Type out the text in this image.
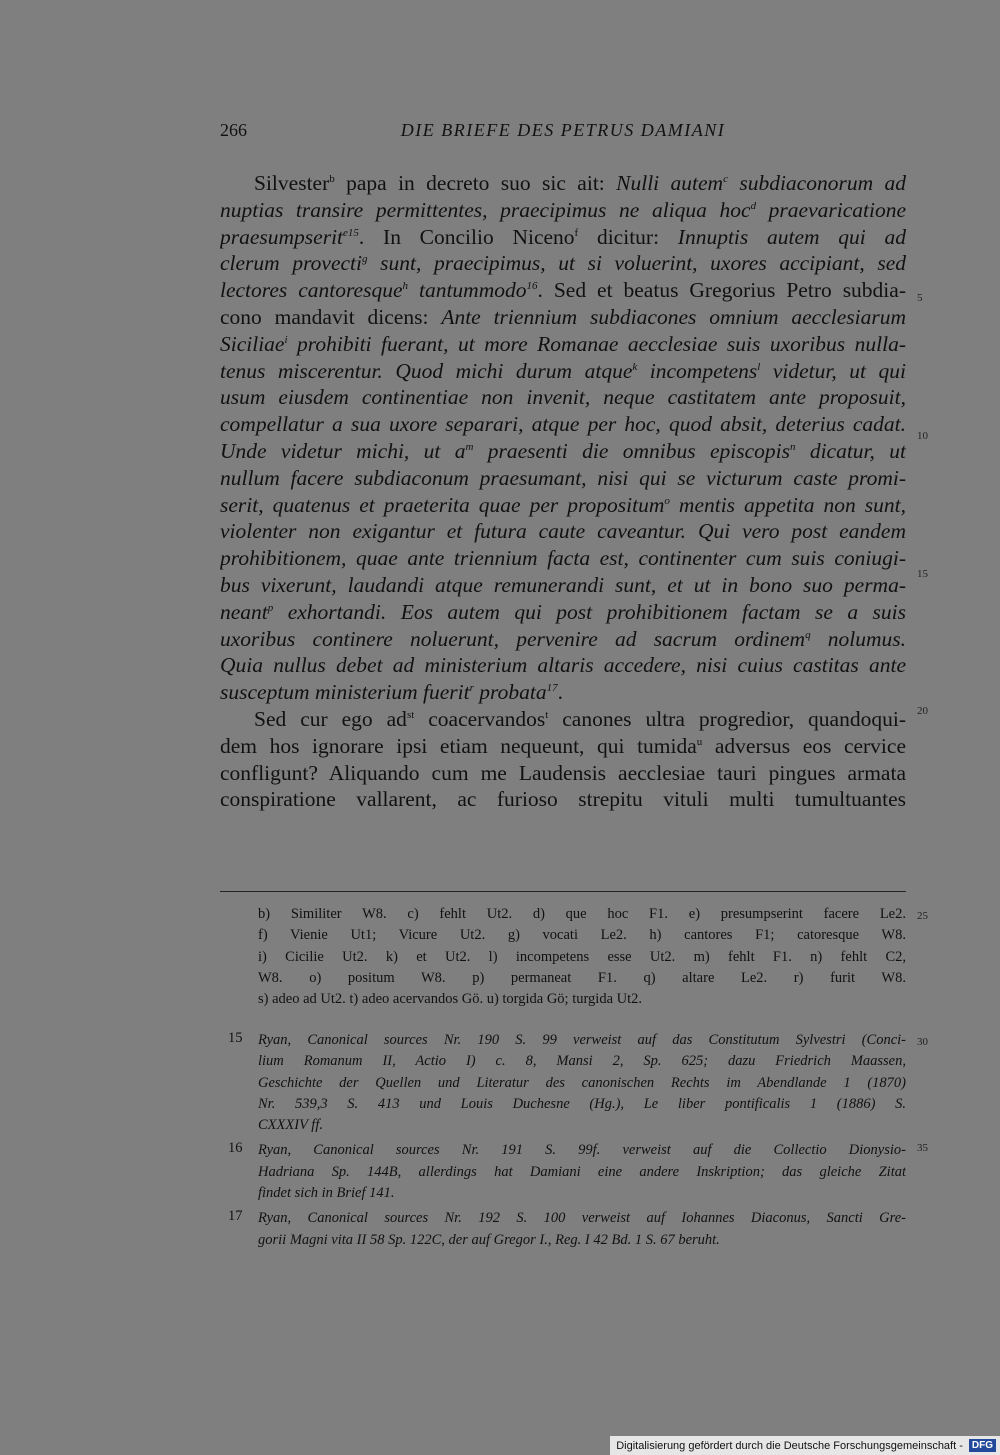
266	DIE BRIEFE DES PETRUS DAMIANI
Silvester$^b$ papa in decreto suo sic ait: Nulli autem$^c$ subdiaconorum ad
nuptias transire permittentes, praecipimus ne aliqua hoc$^d$ praevaricatione
praesumpserit$^{e15}$. In Concilio Niceno$^f$ dicitur: Innuptis autem qui ad
clerum provecti$^g$ sunt, praecipimus, ut si voluerint, uxores accipiant, sed
lectores cantoresque$^h$ tantummodo$^{16}$. Sed et beatus Gregorius Petro subdia-
cono mandavit dicens: Ante triennium subdiacones omnium aecclesiarum
Siciliae$^i$ prohibiti fuerant, ut more Romanae aecclesiae suis uxoribus nulla-
tenus miscerentur. Quod michi durum atque$^k$ incompetens$^l$ videtur, ut qui
usum eiusdem continentiae non invenit, neque castitatem ante proposuit,
compellatur a sua uxore separari, atque per hoc, quod absit, deterius cadat.
Unde videtur michi, ut $a^m$ praesenti die omnibus episcopis$^n$ dicatur, ut
nullum facere subdiaconum praesumant, nisi qui se victurum caste promi-
serit, quatenus et praeterita quae per propositum$^o$ mentis appetita non sunt,
violenter non exigantur et futura caute caveantur. Qui vero post eandem
prohibitionem, quae ante triennium facta est, continenter cum suis coniugi-
bus vixerunt, laudandi atque remunerandi sunt, et ut in bono suo perma-
neant$^p$ exhortandi. Eos autem qui post prohibitionem factam se a suis
uxoribus continere noluerunt, pervenire ad sacrum ordinem$^q$ nolumus.
Quia nullus debet ad ministerium altaris accedere, nisi cuius castitas ante
susceptum ministerium fuerit$^r$ probata$^{17}$.
Sed cur ego $ad^{st}$ coacervandos$^t$ canones ultra progredior, quandoqui-
dem hos ignorare ipsi etiam nequeunt, qui tumida$^u$ adversus eos cervice
confligunt? Aliquando cum me Laudensis aecclesiae tauri pingues armata
conspiratione vallarent, ac furioso strepitu vituli multi tumultuantes
5
10
15
20
b) Similiter W8. c) fehlt Ut2. d) que hoc F1. e) presumpserint facere Le2.
f) Vienie Ut1; Vicure Ut2. g) vocati Le2. h) cantores F1; catoresque W8.
i) Cicilie Ut2. k) et Ut2. l) incompetens esse Ut2. m) fehlt F1. n) fehlt C2,
W8. o) positum W8. p) permaneat F1. q) altare Le2. r) furit W8.
s) adeo ad Ut2. t) adeo acervandos Gö. u) torgida Gö; turgida Ut2.
25
15 Ryan, Canonical sources Nr. 190 S. 99 verweist auf das Constitutum Sylvestri (Conci-
lium Romanum II, Actio I) c. 8, Mansi 2, Sp. 625; dazu Friedrich Maassen,
Geschichte der Quellen und Literatur des canonischen Rechts im Abendlande 1 (1870)
Nr. 539,3 S. 413 und Louis Duchesne (Hg.), Le liber pontificalis 1 (1886) S.
CXXXIV ff.
16 Ryan, Canonical sources Nr. 191 S. 99f. verweist auf die Collectio Dionysio-
Hadriana Sp. 144B, allerdings hat Damiani eine andere Inskription; das gleiche Zitat
findet sich in Brief 141.
17 Ryan, Canonical sources Nr. 192 S. 100 verweist auf Iohannes Diaconus, Sancti Gre-
gorii Magni vita II 58 Sp. 122C, der auf Gregor I., Reg. I 42 Bd. 1 S. 67 beruht.
30
35
Digitalisierung gefördert durch die Deutsche Forschungsgemeinschaft - DFG
